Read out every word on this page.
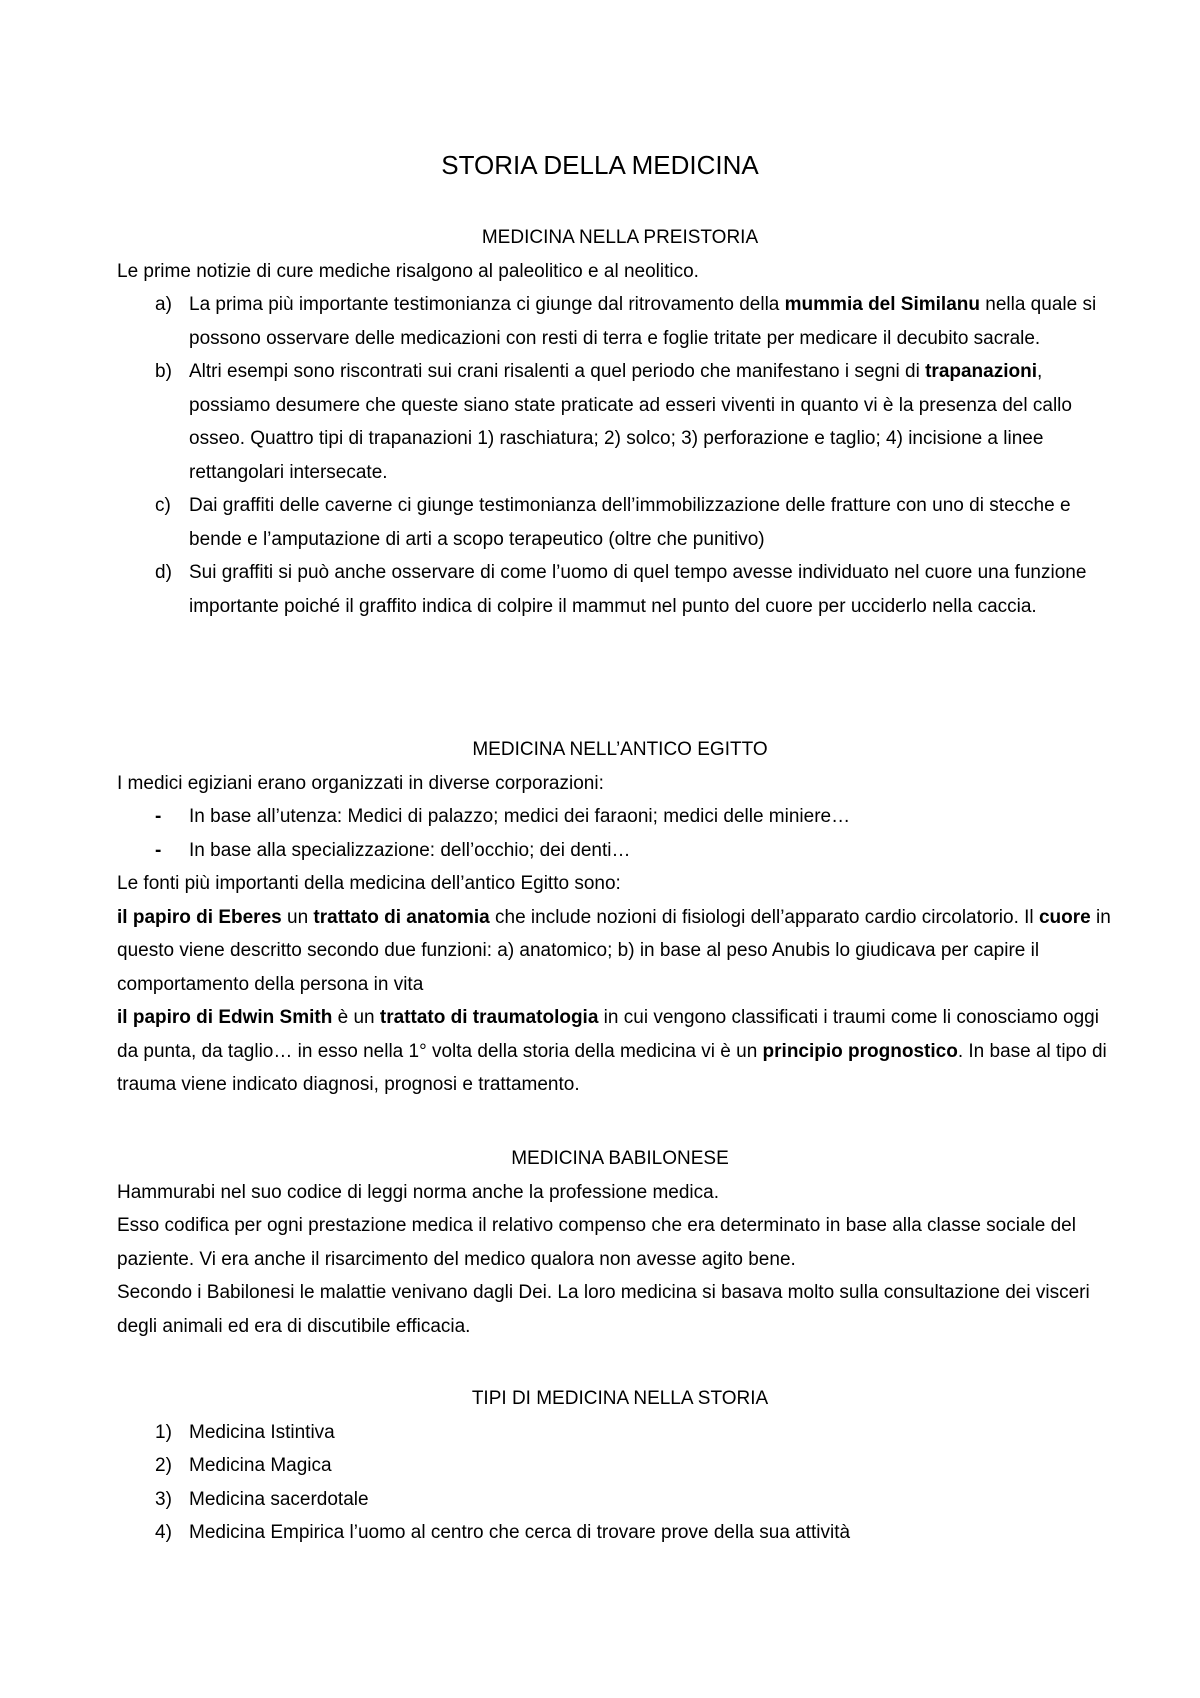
STORIA DELLA MEDICINA
MEDICINA NELLA PREISTORIA

Le prime notizie di cure mediche risalgono al paleolitico e al neolitico.

a) La prima più importante testimonianza ci giunge dal ritrovamento della mummia del Similanu nella quale si possono osservare delle medicazioni con resti di terra e foglie tritate per medicare il decubito sacrale.
b) Altri esempi sono riscontrati sui crani risalenti a quel periodo che manifestano i segni di trapanazioni, possiamo desumere che queste siano state praticate ad esseri viventi in quanto vi è la presenza del callo osseo. Quattro tipi di trapanazioni 1) raschiatura; 2) solco; 3) perforazione e taglio; 4) incisione a linee rettangolari intersecate.
c) Dai graffiti delle caverne ci giunge testimonianza dell’immobilizzazione delle fratture con uno di stecche e bende e l’amputazione di arti a scopo terapeutico (oltre che punitivo)
d) Sui graffiti si può anche osservare di come l’uomo di quel tempo avesse individuato nel cuore una funzione importante poiché il graffito indica di colpire il mammut nel punto del cuore per ucciderlo nella caccia.
MEDICINA NELL’ANTICO EGITTO

I medici egiziani erano organizzati in diverse corporazioni:

- In base all’utenza: Medici di palazzo; medici dei faraoni; medici delle miniere…
- In base alla specializzazione: dell’occhio; dei denti…

Le fonti più importanti della medicina dell’antico Egitto sono:

il papiro di Eberes un trattato di anatomia che include nozioni di fisiologi dell’apparato cardio circolatorio. Il cuore in questo viene descritto secondo due funzioni: a) anatomico; b) in base al peso Anubis lo giudicava per capire il comportamento della persona in vita

il papiro di Edwin Smith è un trattato di traumatologia in cui vengono classificati i traumi come li conosciamo oggi da punta, da taglio… in esso nella 1° volta della storia della medicina vi è un principio prognostico. In base al tipo di trauma viene indicato diagnosi, prognosi e trattamento.

MEDICINA BABILONESE

Hammurabi nel suo codice di leggi norma anche la professione medica.

Esso codifica per ogni prestazione medica il relativo compenso che era determinato in base alla classe sociale del paziente. Vi era anche il risarcimento del medico qualora non avesse agito bene.

Secondo i Babilonesi le malattie venivano dagli Dei. La loro medicina si basava molto sulla consultazione dei visceri degli animali ed era di discutibile efficacia.

TIPI DI MEDICINA NELLA STORIA
1) Medicina Istintiva
2) Medicina Magica
3) Medicina sacerdotale
4) Medicina Empirica l’uomo al centro che cerca di trovare prove della sua attività
